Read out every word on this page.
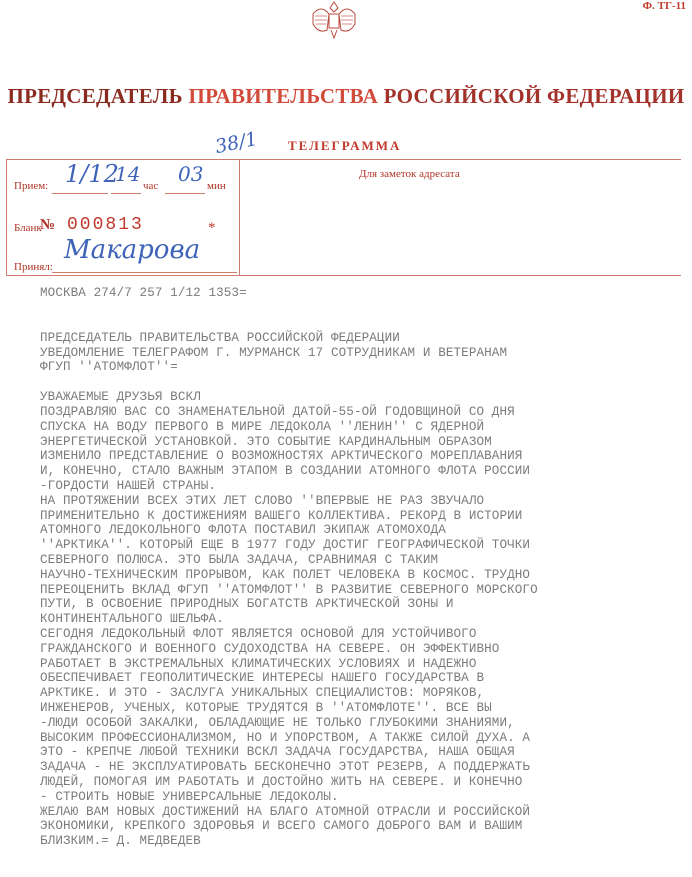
Ф. ТГ-11
ПРЕДСЕДАТЕЛЬ ПРАВИТЕЛЬСТВА РОССИЙСКОЙ ФЕДЕРАЦИИ
38/1 ТЕЛЕГРАММА
Прием: 1/12
14 час 03 мин
Бланк
№ 000813	*
Принял:
Макарова
Для заметок адресата

МОСКВА 274/7 257 1/12 1353=

ПРЕДСЕДАТЕЛЬ ПРАВИТЕЛЬСТВА РОССИЙСКОЙ ФЕДЕРАЦИИ

УВЕДОМЛЕНИЕ ТЕЛЕГРАФОМ Г. МУРМАНСК 17 СОТРУДНИКАМ И ВЕТЕРАНАМ

ФГУП ''АТОМФЛОТ''=

УВАЖАЕМЫЕ ДРУЗЬЯ ВСКЛ

ПОЗДРАВЛЯЮ ВАС СО ЗНАМЕНАТЕЛЬНОЙ ДАТОЙ-55-ОЙ ГОДОВЩИНОЙ СО ДНЯ

СПУСКА НА ВОДУ ПЕРВОГО В МИРЕ ЛЕДОКОЛА ''ЛЕНИН'' С ЯДЕРНОЙ

ЭНЕРГЕТИЧЕСКОЙ УСТАНОВКОЙ. ЭТО СОБЫТИЕ КАРДИНАЛЬНЫМ ОБРАЗОМ

ИЗМЕНИЛО ПРЕДСТАВЛЕНИЕ О ВОЗМОЖНОСТЯХ АРКТИЧЕСКОГО МОРЕПЛАВАНИЯ

И, КОНЕЧНО, СТАЛО ВАЖНЫМ ЭТАПОМ В СОЗДАНИИ АТОМНОГО ФЛОТА РОССИИ

-ГОРДОСТИ НАШЕЙ СТРАНЫ.

НА ПРОТЯЖЕНИИ ВСЕХ ЭТИХ ЛЕТ СЛОВО ''ВПЕРВЫЕ НЕ РАЗ ЗВУЧАЛО

ПРИМЕНИТЕЛЬНО К ДОСТИЖЕНИЯМ ВАШЕГО КОЛЛЕКТИВА. РЕКОРД В ИСТОРИИ

АТОМНОГО ЛЕДОКОЛЬНОГО ФЛОТА ПОСТАВИЛ ЭКИПАЖ АТОМОХОДА

''АРКТИКА''. КОТОРЫЙ ЕЩЕ В 1977 ГОДУ ДОСТИГ ГЕОГРАФИЧЕСКОЙ ТОЧКИ

СЕВЕРНОГО ПОЛЮСА. ЭТО БЫЛА ЗАДАЧА, СРАВНИМАЯ С ТАКИМ

НАУЧНО-ТЕХНИЧЕСКИМ ПРОРЫВОМ, КАК ПОЛЕТ ЧЕЛОВЕКА В КОСМОС. ТРУДНО

ПЕРЕОЦЕНИТЬ ВКЛАД ФГУП ''АТОМФЛОТ'' В РАЗВИТИЕ СЕВЕРНОГО МОРСКОГО

ПУТИ, В ОСВОЕНИЕ ПРИРОДНЫХ БОГАТСТВ АРКТИЧЕСКОЙ ЗОНЫ И

КОНТИНЕНТАЛЬНОГО ШЕЛЬФА.

СЕГОДНЯ ЛЕДОКОЛЬНЫЙ ФЛОТ ЯВЛЯЕТСЯ ОСНОВОЙ ДЛЯ УСТОЙЧИВОГО

ГРАЖДАНСКОГО И ВОЕННОГО СУДОХОДСТВА НА СЕВЕРЕ. ОН ЭФФЕКТИВНО

РАБОТАЕТ В ЭКСТРЕМАЛЬНЫХ КЛИМАТИЧЕСКИХ УСЛОВИЯХ И НАДЕЖНО

ОБЕСПЕЧИВАЕТ ГЕОПОЛИТИЧЕСКИЕ ИНТЕРЕСЫ НАШЕГО ГОСУДАРСТВА В

АРКТИКЕ. И ЭТО - ЗАСЛУГА УНИКАЛЬНЫХ СПЕЦИАЛИСТОВ: МОРЯКОВ,

ИНЖЕНЕРОВ, УЧЕНЫХ, КОТОРЫЕ ТРУДЯТСЯ В ''АТОМФЛОТЕ''. ВСЕ ВЫ

-ЛЮДИ ОСОБОЙ ЗАКАЛКИ, ОБЛАДАЮЩИЕ НЕ ТОЛЬКО ГЛУБОКИМИ ЗНАНИЯМИ,

ВЫСОКИМ ПРОФЕССИОНАЛИЗМОМ, НО И УПОРСТВОМ, А ТАКЖЕ СИЛОЙ ДУХА. А

ЭТО - КРЕПЧЕ ЛЮБОЙ ТЕХНИКИ ВСКЛ ЗАДАЧА ГОСУДАРСТВА, НАША ОБЩАЯ

ЗАДАЧА - НЕ ЭКСПЛУАТИРОВАТЬ БЕСКОНЕЧНО ЭТОТ РЕЗЕРВ, А ПОДДЕРЖАТЬ

ЛЮДЕЙ, ПОМОГАЯ ИМ РАБОТАТЬ И ДОСТОЙНО ЖИТЬ НА СЕВЕРЕ. И КОНЕЧНО

- СТРОИТЬ НОВЫЕ УНИВЕРСАЛЬНЫЕ ЛЕДОКОЛЫ.

ЖЕЛАЮ ВАМ НОВЫХ ДОСТИЖЕНИЙ НА БЛАГО АТОМНОЙ ОТРАСЛИ И РОССИЙСКОЙ

ЭКОНОМИКИ, КРЕПКОГО ЗДОРОВЬЯ И ВСЕГО САМОГО ДОБРОГО ВАМ И ВАШИМ

БЛИЗКИМ.= Д. МЕДВЕДЕВ
